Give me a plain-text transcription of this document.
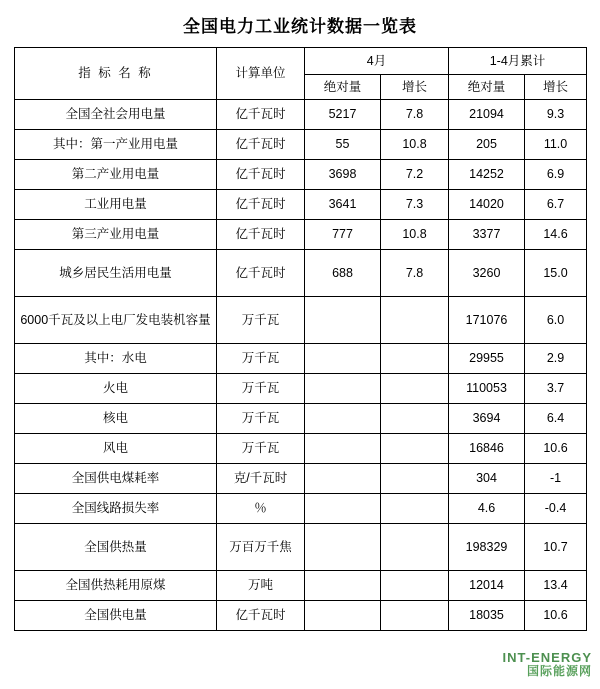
全国电力工业统计数据一览表
指 标 名 称	计算单位	4月		1-4月累计	
		绝对量	增长	绝对量	增长
全国全社会用电量	亿千瓦时	5217	7.8	21094	9.3
其中：第一产业用电量	亿千瓦时	55	10.8	205	11.0
第二产业用电量	亿千瓦时	3698	7.2	14252	6.9
工业用电量	亿千瓦时	3641	7.3	14020	6.7
第三产业用电量	亿千瓦时	777	10.8	3377	14.6
城乡居民生活用电量	亿千瓦时	688	7.8	3260	15.0
6000千瓦及以上电厂发电装机容量	万千瓦			171076	6.0
其中：水电	万千瓦			29955	2.9
火电	万千瓦			110053	3.7
核电	万千瓦			3694	6.4
风电	万千瓦			16846	10.6
全国供电煤耗率	克/千瓦时			304	-1
全国线路损失率	％			4.6	-0.4
全国供热量	万百万千焦			198329	10.7
全国供热耗用原煤	万吨			12014	13.4
全国供电量	亿千瓦时			18035	10.6
INT-ENERGY
国际能源网
